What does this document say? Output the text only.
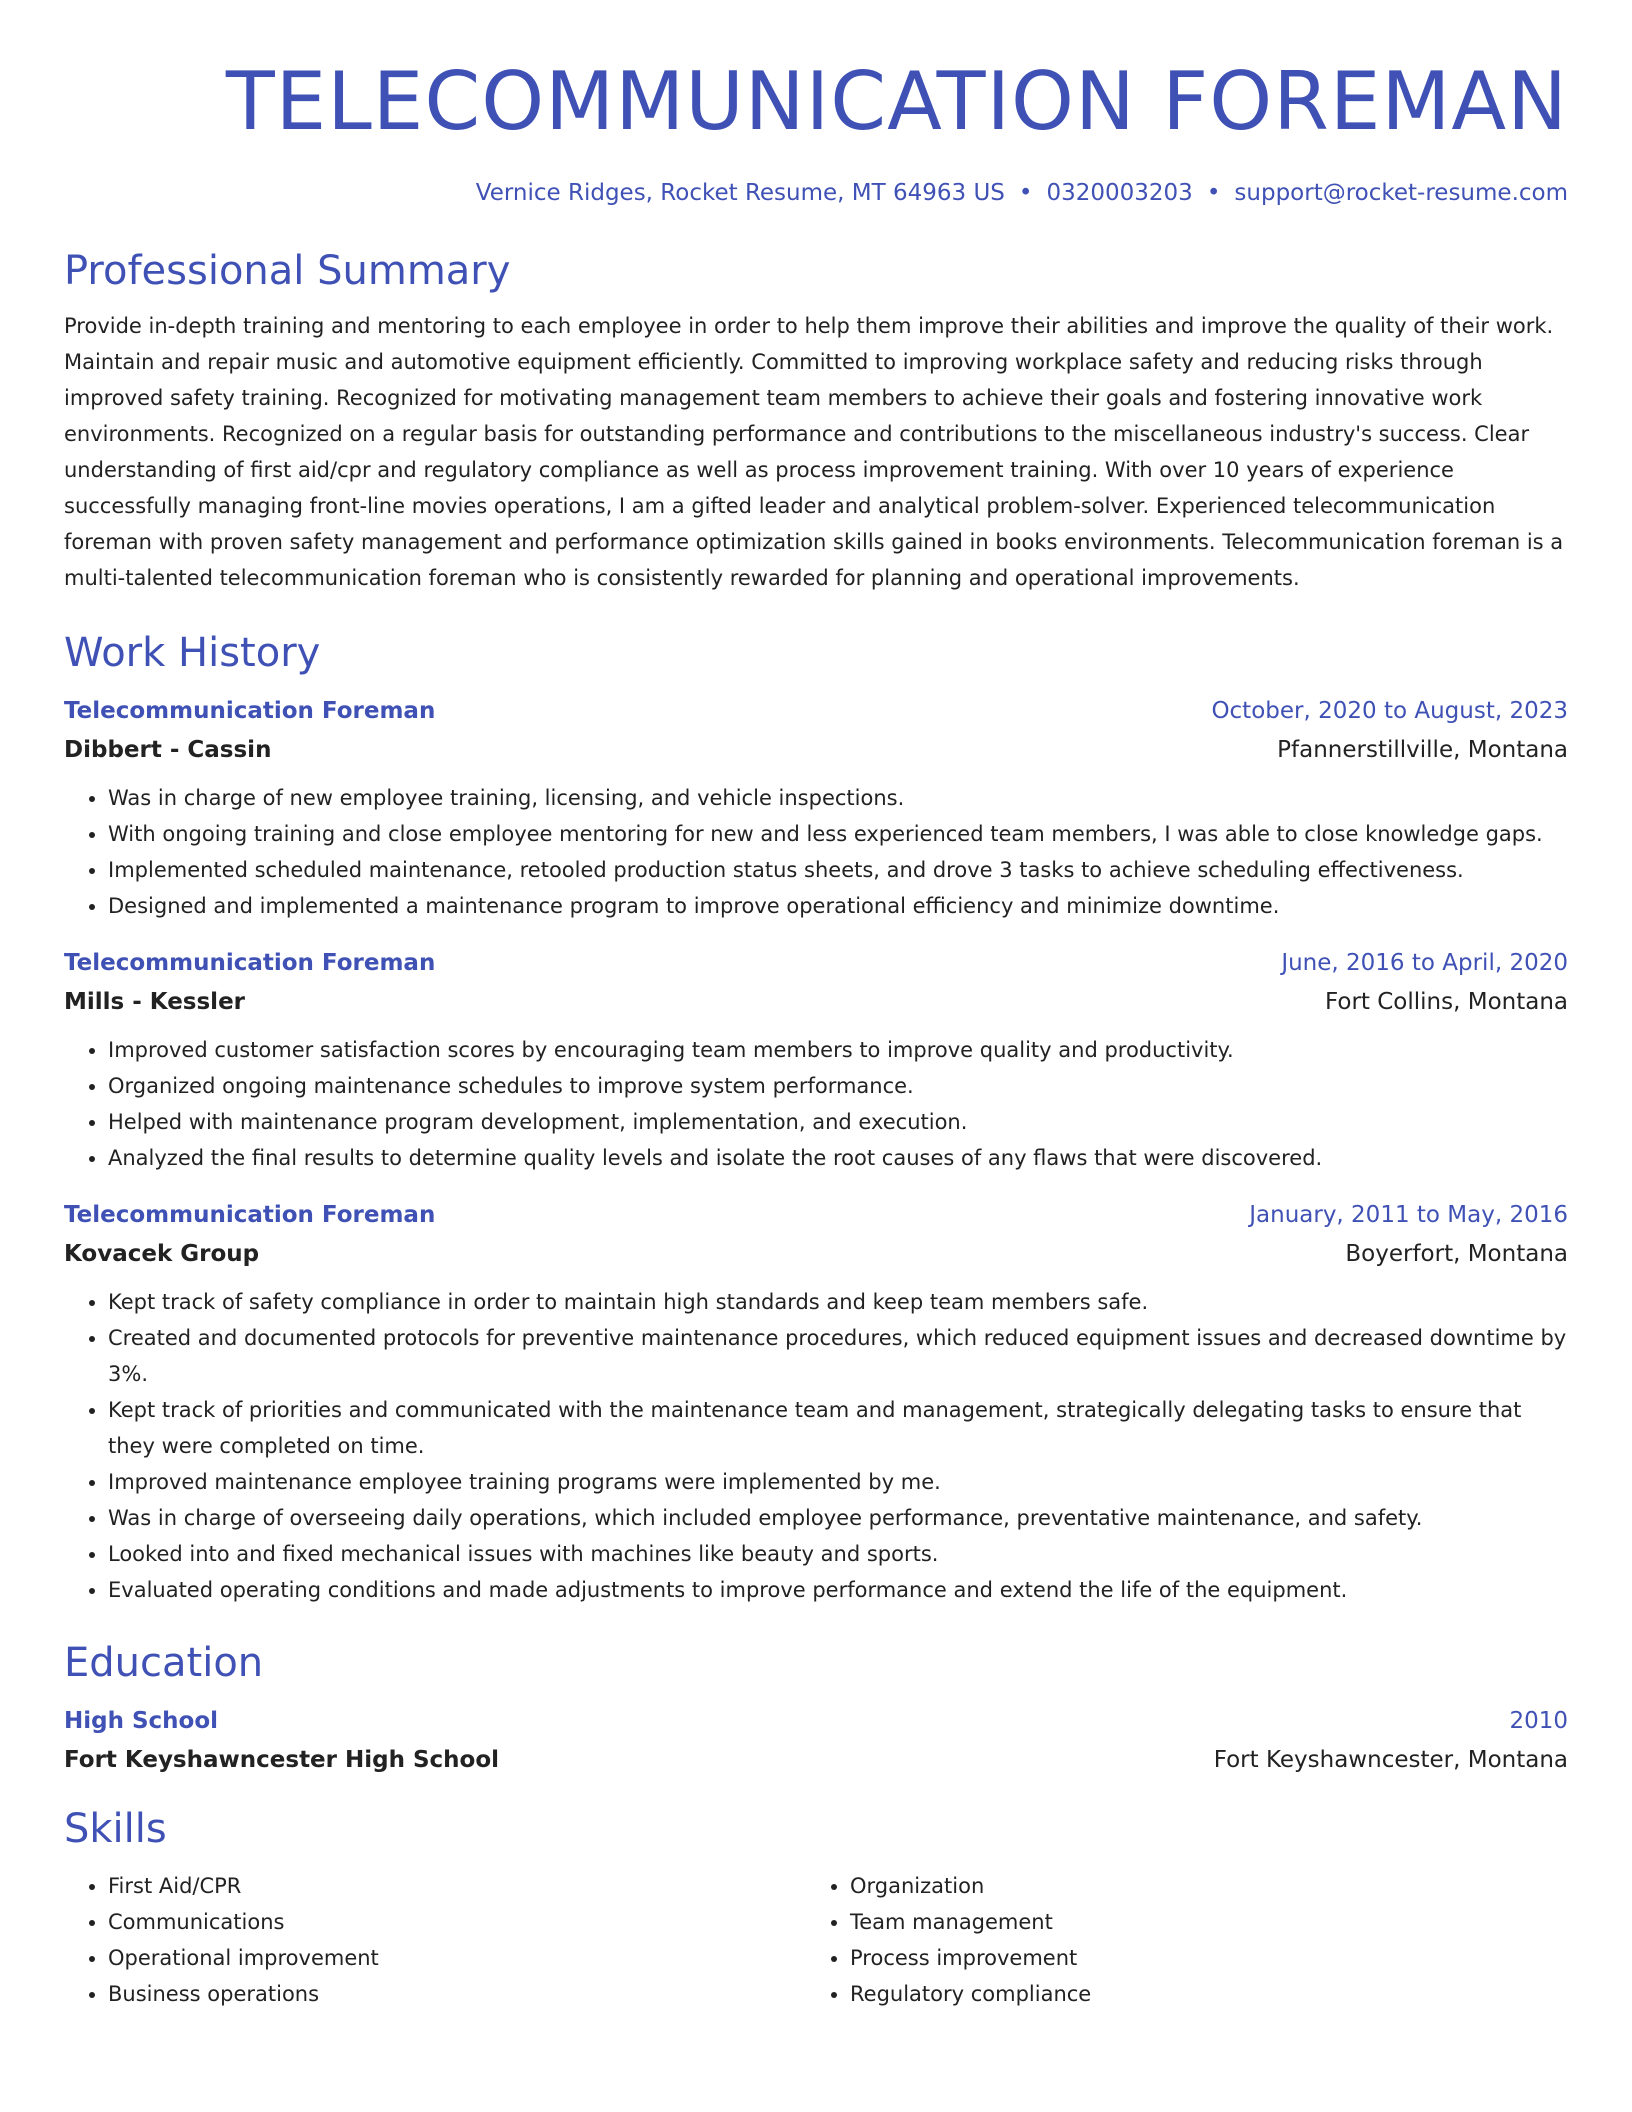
TELECOMMUNICATION FOREMAN
Vernice Ridges, Rocket Resume, MT 64963 US • 0320003203 • support@rocket-resume.com
Professional Summary

Provide in-depth training and mentoring to each employee in order to help them improve their abilities and improve the quality of their work. Maintain and repair music and automotive equipment efficiently. Committed to improving workplace safety and reducing risks through improved safety training. Recognized for motivating management team members to achieve their goals and fostering innovative work environments. Recognized on a regular basis for outstanding performance and contributions to the miscellaneous industry's success. Clear understanding of first aid/cpr and regulatory compliance as well as process improvement training. With over 10 years of experience successfully managing front-line movies operations, I am a gifted leader and analytical problem-solver. Experienced telecommunication foreman with proven safety management and performance optimization skills gained in books environments. Telecommunication foreman is a multi-talented telecommunication foreman who is consistently rewarded for planning and operational improvements.

Work History
Telecommunication Foreman	October, 2020 to August, 2023
Dibbert - Cassin	Pfannerstillville, Montana
• Was in charge of new employee training, licensing, and vehicle inspections.
• With ongoing training and close employee mentoring for new and less experienced team members, I was able to close knowledge gaps.
• Implemented scheduled maintenance, retooled production status sheets, and drove 3 tasks to achieve scheduling effectiveness.
• Designed and implemented a maintenance program to improve operational efficiency and minimize downtime.
Telecommunication Foreman	June, 2016 to April, 2020
Mills - Kessler	Fort Collins, Montana
• Improved customer satisfaction scores by encouraging team members to improve quality and productivity.
• Organized ongoing maintenance schedules to improve system performance.
• Helped with maintenance program development, implementation, and execution.
• Analyzed the final results to determine quality levels and isolate the root causes of any flaws that were discovered.
Telecommunication Foreman	January, 2011 to May, 2016
Kovacek Group	Boyerfort, Montana
• Kept track of safety compliance in order to maintain high standards and keep team members safe.
• Created and documented protocols for preventive maintenance procedures, which reduced equipment issues and decreased downtime by 3%.
• Kept track of priorities and communicated with the maintenance team and management, strategically delegating tasks to ensure that they were completed on time.
• Improved maintenance employee training programs were implemented by me.
• Was in charge of overseeing daily operations, which included employee performance, preventative maintenance, and safety.
• Looked into and fixed mechanical issues with machines like beauty and sports.
• Evaluated operating conditions and made adjustments to improve performance and extend the life of the equipment.
Education
High School	2010
Fort Keyshawncester High School	Fort Keyshawncester, Montana
Skills
• First Aid/CPR
• Communications
• Operational improvement
• Business operations
• Organization
• Team management
• Process improvement
• Regulatory compliance
